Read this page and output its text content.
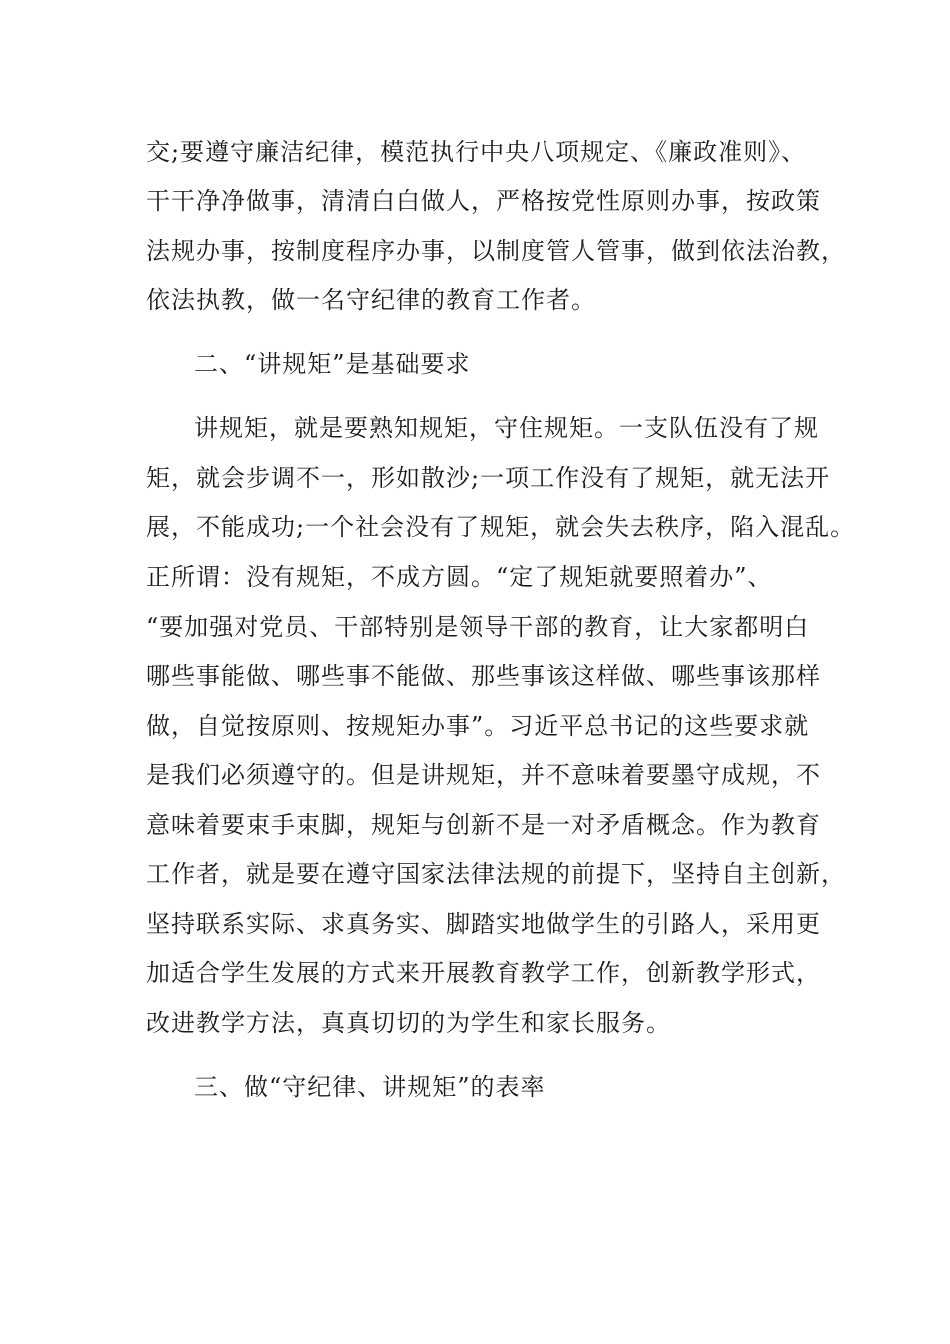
交;要遵守廉洁纪律，模范执行中央八项规定、《廉政准则》、
干干净净做事，清清白白做人，严格按党性原则办事，按政策
法规办事，按制度程序办事，以制度管人管事，做到依法治教，
依法执教，做一名守纪律的教育工作者。
二、“讲规矩”是基础要求
讲规矩，就是要熟知规矩，守住规矩。一支队伍没有了规
矩，就会步调不一，形如散沙;一项工作没有了规矩，就无法开
展，不能成功;一个社会没有了规矩，就会失去秩序，陷入混乱。
正所谓：没有规矩，不成方圆。“定了规矩就要照着办”、
“要加强对党员、干部特别是领导干部的教育，让大家都明白
哪些事能做、哪些事不能做、那些事该这样做、哪些事该那样
做，自觉按原则、按规矩办事”。习近平总书记的这些要求就
是我们必须遵守的。但是讲规矩，并不意味着要墨守成规，不
意味着要束手束脚，规矩与创新不是一对矛盾概念。作为教育
工作者，就是要在遵守国家法律法规的前提下，坚持自主创新，
坚持联系实际、求真务实、脚踏实地做学生的引路人，采用更
加适合学生发展的方式来开展教育教学工作，创新教学形式，
改进教学方法，真真切切的为学生和家长服务。
三、做“守纪律、讲规矩”的表率
